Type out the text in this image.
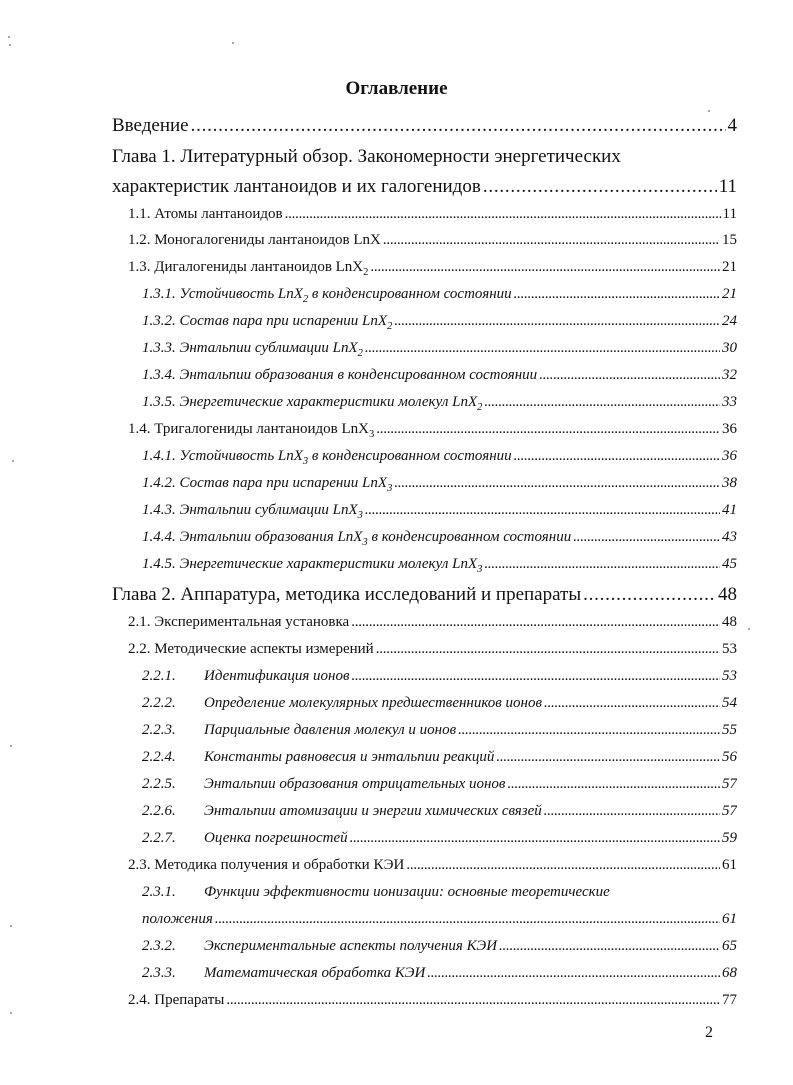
Оглавление
Введение . . .	4
Глава 1. Литературный обзор. Закономерности энергетических
характеристик лантаноидов и их галогенидов . . .	11
1.1. Атомы лантаноидов . . .	11
1.2. Моногалогениды лантаноидов LnX . . .	15
1.3. Дигалогениды лантаноидов LnX$_2$ . . .	21
1.3.1. Устойчивость LnX$_2$ в конденсированном состоянии . . .	21
1.3.2. Состав пара при испарении LnX$_2$ . . .	24
1.3.3. Энтальпии сублимации LnX$_2$ . . .	30
1.3.4. Энтальпии образования в конденсированном состоянии . . .	32
1.3.5. Энергетические характеристики молекул LnX$_2$ . . .	33
1.4. Тригалогениды лантаноидов LnX$_3$ . . .	36
1.4.1. Устойчивость LnX$_3$ в конденсированном состоянии . . .	36
1.4.2. Состав пара при испарении LnX$_3$ . . .	38
1.4.3. Энтальпии сублимации LnX$_3$ . . .	41
1.4.4. Энтальпии образования LnX$_3$ в конденсированном состоянии . . .	43
1.4.5. Энергетические характеристики молекул LnX$_3$ . . .	45
Глава 2. Аппаратура, методика исследований и препараты . . .	48
2.1. Экспериментальная установка . . .	48
2.2. Методические аспекты измерений . . .	53
2.2.1. Идентификация ионов . . .	53
2.2.2. Определение молекулярных предшественников ионов . . .	54
2.2.3. Парциальные давления молекул и ионов . . .	55
2.2.4. Константы равновесия и энтальпии реакций . . .	56
2.2.5. Энтальпии образования отрицательных ионов . . .	57
2.2.6. Энтальпии атомизации и энергии химических связей . . .	57
2.2.7. Оценка погрешностей . . .	59
2.3. Методика получения и обработки КЭИ . . .	61
2.3.1. Функции эффективности ионизации: основные теоретические
положения . . .	61
2.3.2. Экспериментальные аспекты получения КЭИ . . .	65
2.3.3. Математическая обработка КЭИ . . .	68
2.4. Препараты . . .	77
2
